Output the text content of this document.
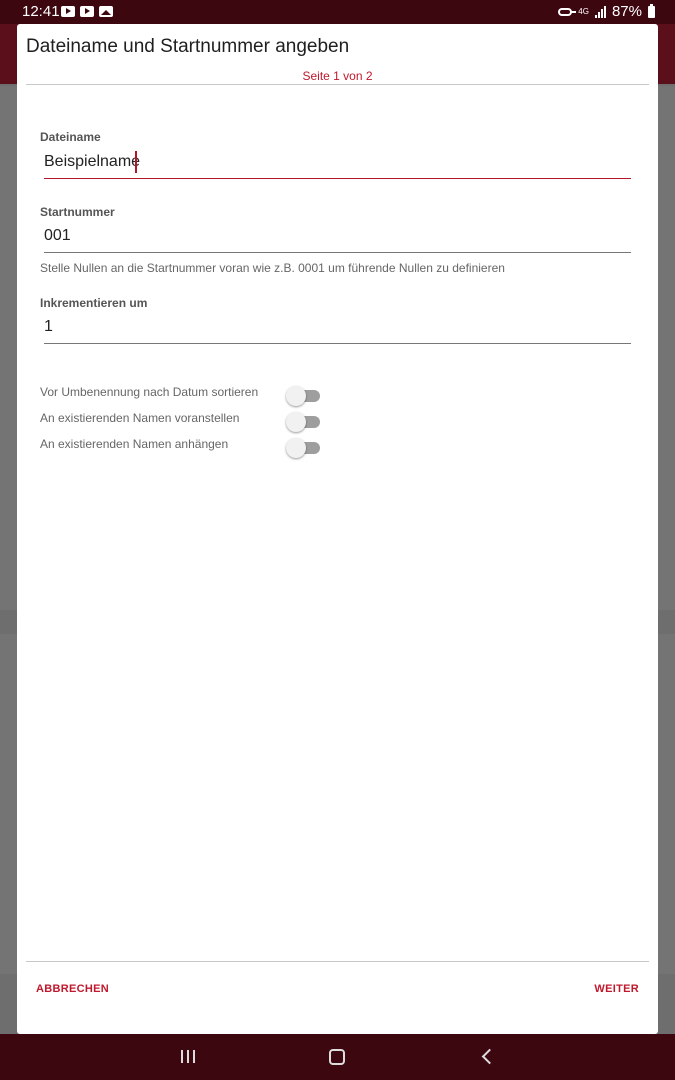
12:41	4G 87%
Dateiname und Startnummer angeben
Seite 1 von 2
Dateiname
Beispielname
Startnummer
001
Stelle Nullen an die Startnummer voran wie z.B. 0001 um führende Nullen zu definieren
Inkrementieren um
1
Vor Umbenennung nach Datum sortieren
An existierenden Namen voranstellen
An existierenden Namen anhängen
ABBRECHEN	WEITER
